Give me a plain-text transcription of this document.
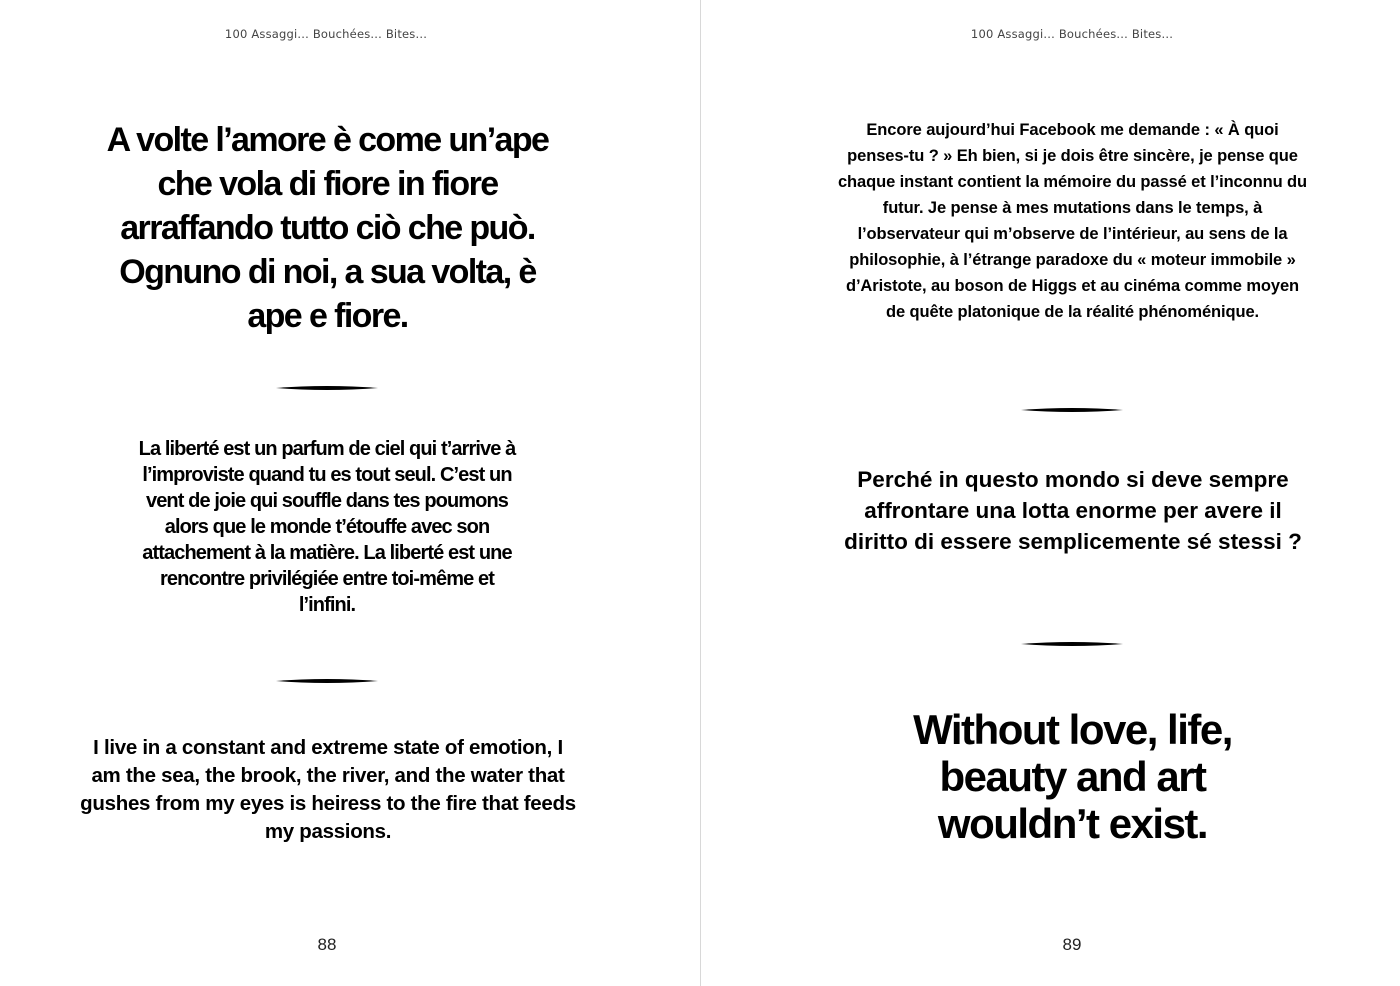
100 Assaggi... Bouchées... Bites...
A volte l’amore è come un’ape che vola di fiore in fiore arraffando tutto ciò che può. Ognuno di noi, a sua volta, è ape e fiore.
La liberté est un parfum de ciel qui t’arrive à l’improviste quand tu es tout seul. C’est un vent de joie qui souffle dans tes poumons alors que le monde t’étouffe avec son attachement à la matière. La liberté est une rencontre privilégiée entre toi-même et l’infini.
I live in a constant and extreme state of emotion, I am the sea, the brook, the river, and the water that gushes from my eyes is heiress to the fire that feeds my passions.
88
100 Assaggi... Bouchées... Bites...
Encore aujourd’hui Facebook me demande : « À quoi penses-tu ? » Eh bien, si je dois être sincère, je pense que chaque instant contient la mémoire du passé et l’inconnu du futur. Je pense à mes mutations dans le temps, à l’observateur qui m’observe de l’intérieur, au sens de la philosophie, à l’étrange paradoxe du « moteur immobile » d’Aristote, au boson de Higgs et au cinéma comme moyen de quête platonique de la réalité phénoménique.
Perché in questo mondo si deve sempre affrontare una lotta enorme per avere il diritto di essere semplicemente sé stessi ?
Without love, life, beauty and art wouldn’t exist.
89
